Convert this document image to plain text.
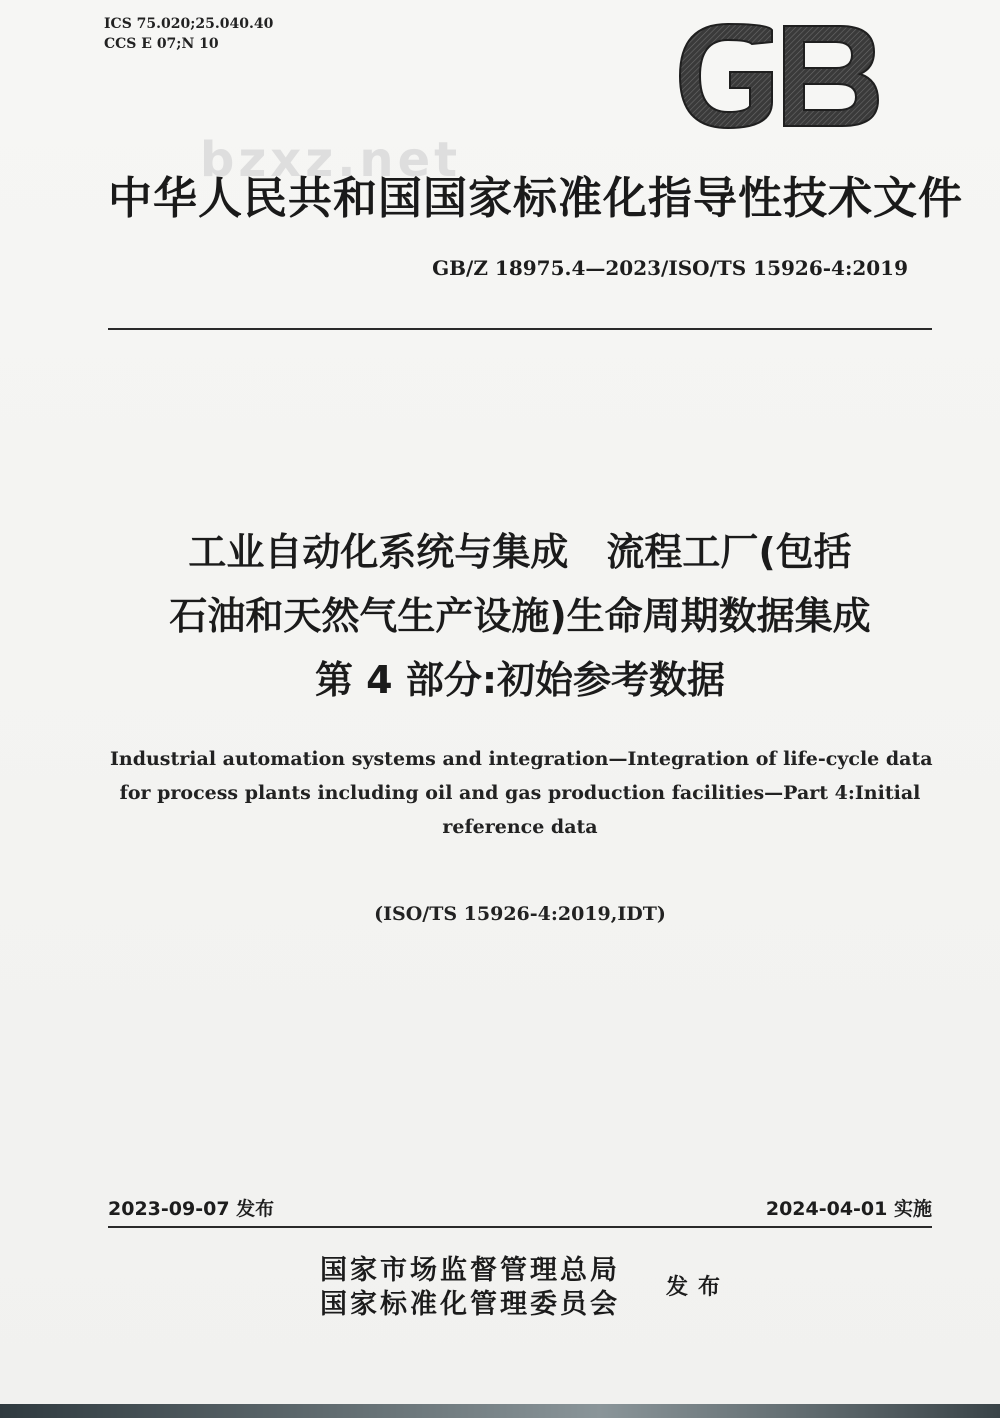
ICS 75.020;25.040.40
CCS E 07;N 10
bzxz.net
中华人民共和国国家标准化指导性技术文件
GB/Z 18975.4—2023/ISO/TS 15926-4:2019
工业自动化系统与集成　流程工厂(包括
石油和天然气生产设施)生命周期数据集成
第 4 部分:初始参考数据
Industrial automation systems and integration—Integration of life-cycle data
for process plants including oil and gas production facilities—Part 4:Initial
reference data
(ISO/TS 15926-4:2019,IDT)
2023-09-07 发布	2024-04-01 实施
国家市场监督管理总局
国家标准化管理委员会
发布
